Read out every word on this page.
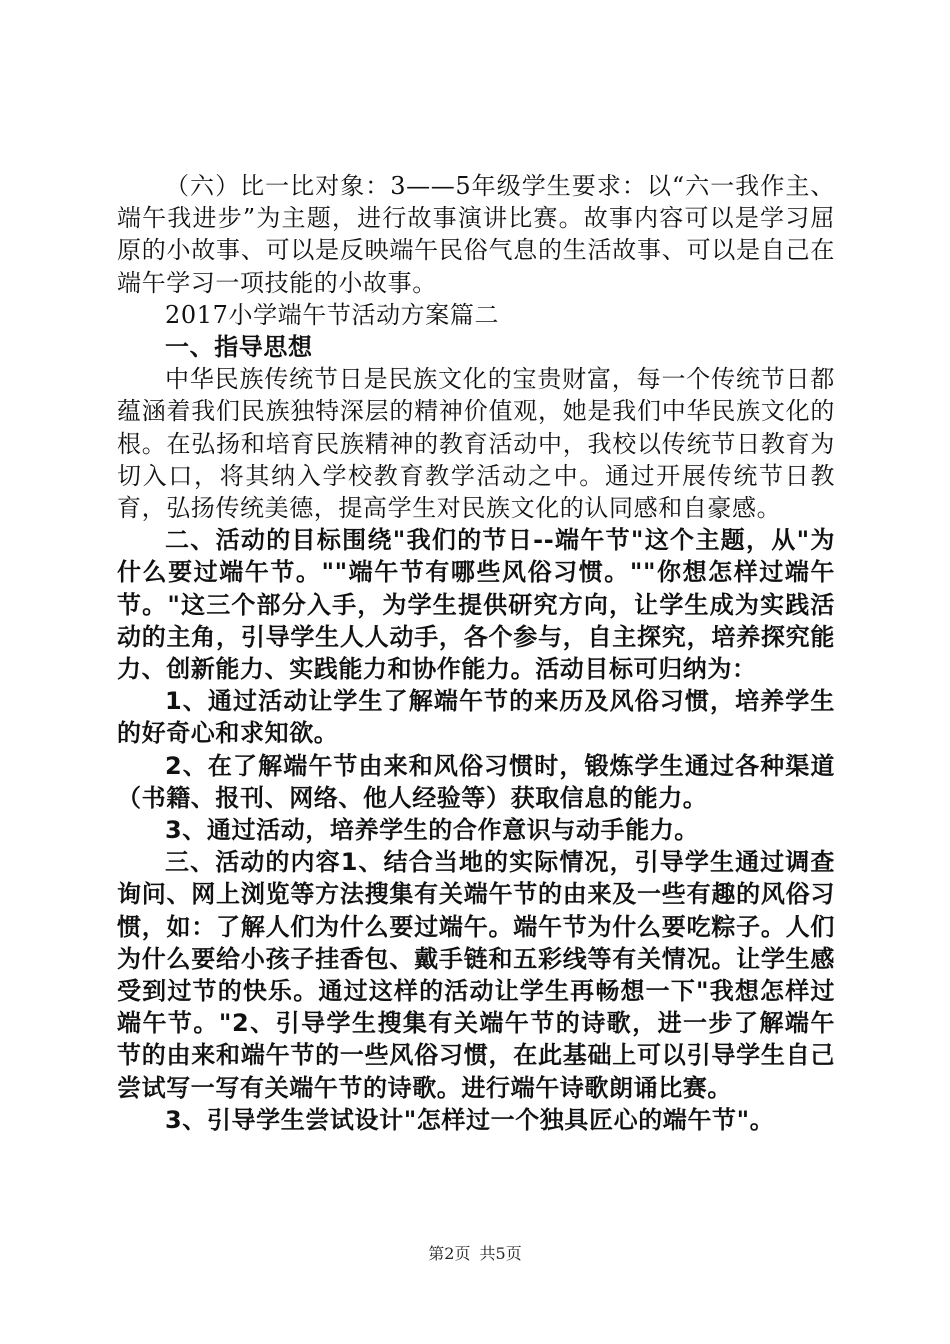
（六）比一比对象：3——5年级学生要求：以“六一我作主、端午我进步”为主题，进行故事演讲比赛。故事内容可以是学习屈原的小故事、可以是反映端午民俗气息的生活故事、可以是自己在端午学习一项技能的小故事。

2017小学端午节活动方案篇二

一、指导思想

中华民族传统节日是民族文化的宝贵财富，每一个传统节日都蕴涵着我们民族独特深层的精神价值观，她是我们中华民族文化的根。在弘扬和培育民族精神的教育活动中，我校以传统节日教育为切入口，将其纳入学校教育教学活动之中。通过开展传统节日教育，弘扬传统美德，提高学生对民族文化的认同感和自豪感。

二、活动的目标围绕"我们的节日--端午节"这个主题，从"为什么要过端午节。""端午节有哪些风俗习惯。""你想怎样过端午节。"这三个部分入手，为学生提供研究方向，让学生成为实践活动的主角，引导学生人人动手，各个参与，自主探究，培养探究能力、创新能力、实践能力和协作能力。活动目标可归纳为：

1、通过活动让学生了解端午节的来历及风俗习惯，培养学生的好奇心和求知欲。

2、在了解端午节由来和风俗习惯时，锻炼学生通过各种渠道（书籍、报刊、网络、他人经验等）获取信息的能力。

3、通过活动，培养学生的合作意识与动手能力。

三、活动的内容1、结合当地的实际情况，引导学生通过调查询问、网上浏览等方法搜集有关端午节的由来及一些有趣的风俗习惯，如：了解人们为什么要过端午。端午节为什么要吃粽子。人们为什么要给小孩子挂香包、戴手链和五彩线等有关情况。让学生感受到过节的快乐。通过这样的活动让学生再畅想一下"我想怎样过端午节。"2、引导学生搜集有关端午节的诗歌，进一步了解端午节的由来和端午节的一些风俗习惯，在此基础上可以引导学生自己尝试写一写有关端午节的诗歌。进行端午诗歌朗诵比赛。

3、引导学生尝试设计"怎样过一个独具匠心的端午节"。

第2页 共5页
